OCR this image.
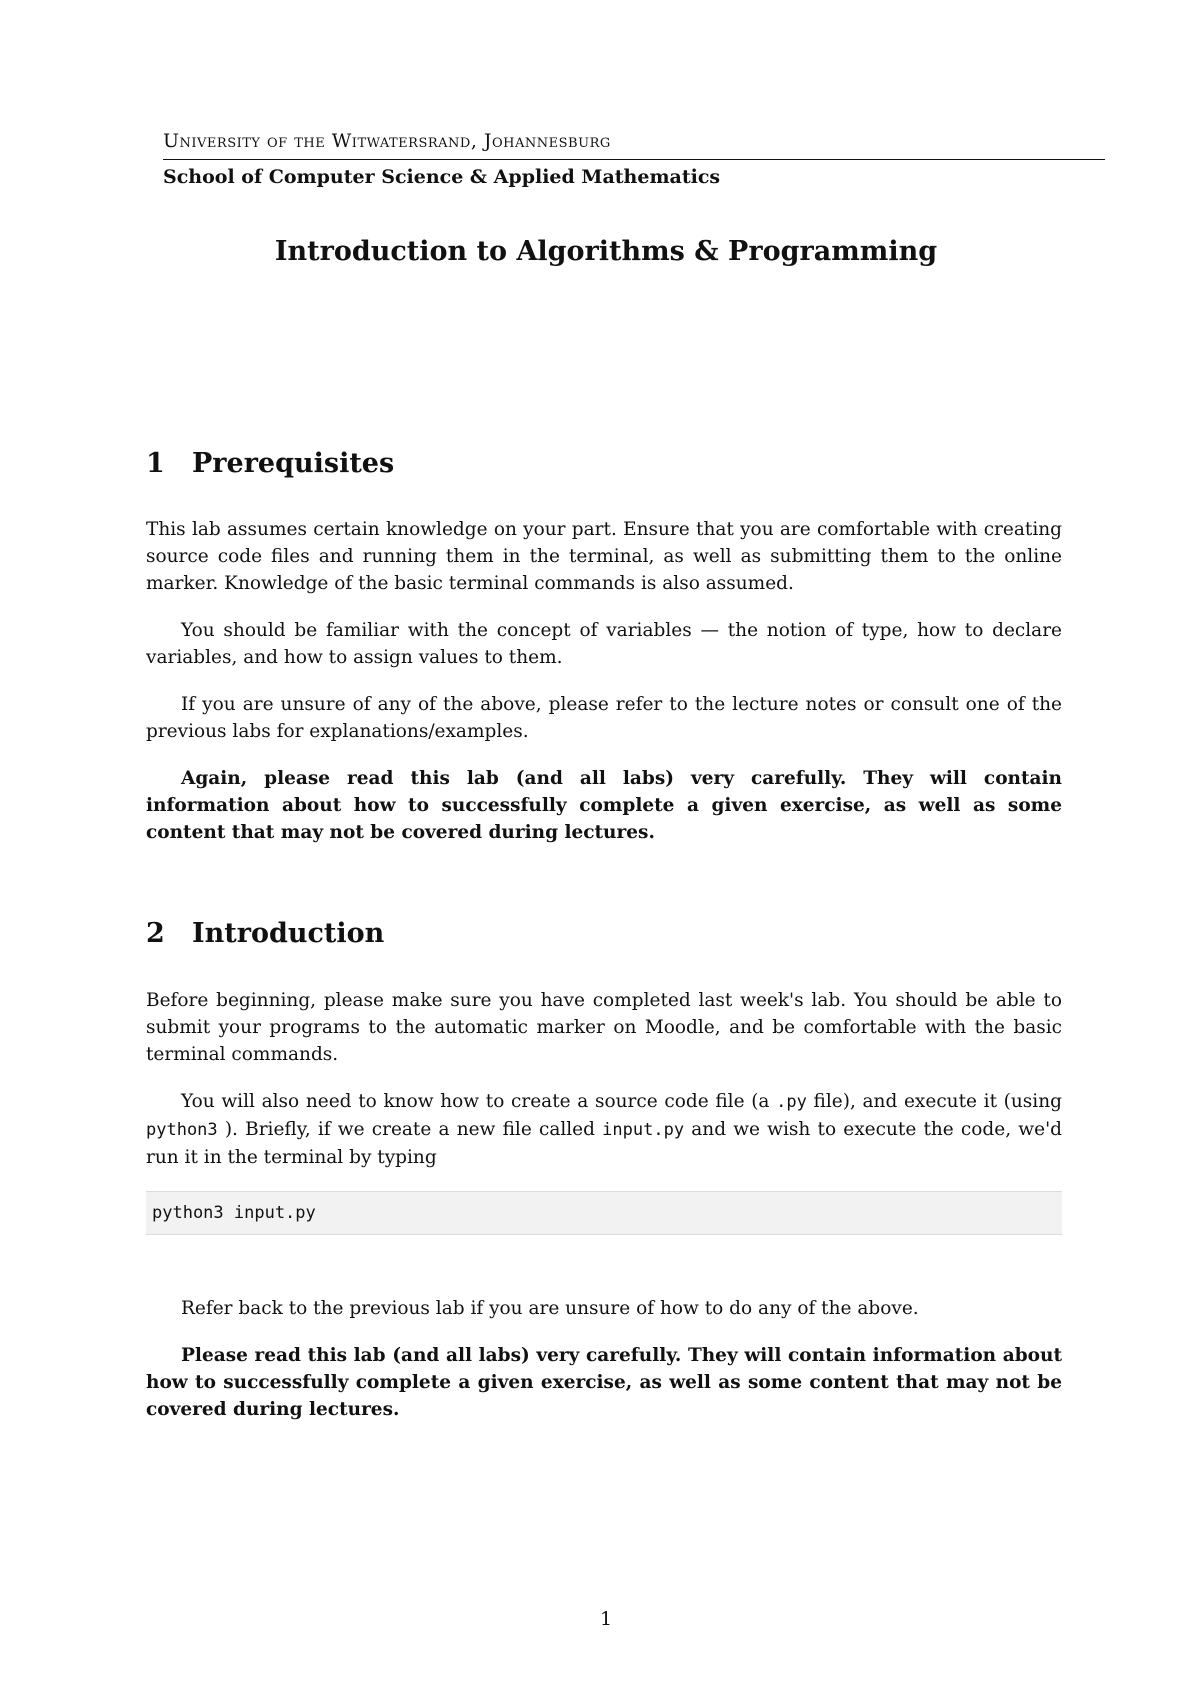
University of the Witwatersrand, Johannesburg
School of Computer Science & Applied Mathematics
Introduction to Algorithms & Programming
1 Prerequisites

This lab assumes certain knowledge on your part. Ensure that you are comfortable with creating source code files and running them in the terminal, as well as submitting them to the online marker. Knowledge of the basic terminal commands is also assumed.

You should be familiar with the concept of variables — the notion of type, how to declare variables, and how to assign values to them.

If you are unsure of any of the above, please refer to the lecture notes or consult one of the previous labs for explanations/examples.

Again, please read this lab (and all labs) very carefully. They will contain information about how to successfully complete a given exercise, as well as some content that may not be covered during lectures.

2 Introduction

Before beginning, please make sure you have completed last week's lab. You should be able to submit your programs to the automatic marker on Moodle, and be comfortable with the basic terminal commands.

You will also need to know how to create a source code file (a .py file), and execute it (using python3 ). Briefly, if we create a new file called input.py and we wish to execute the code, we'd run it in the terminal by typing

python3 input.py

Refer back to the previous lab if you are unsure of how to do any of the above.

Please read this lab (and all labs) very carefully. They will contain information about how to successfully complete a given exercise, as well as some content that may not be covered during lectures.

1
